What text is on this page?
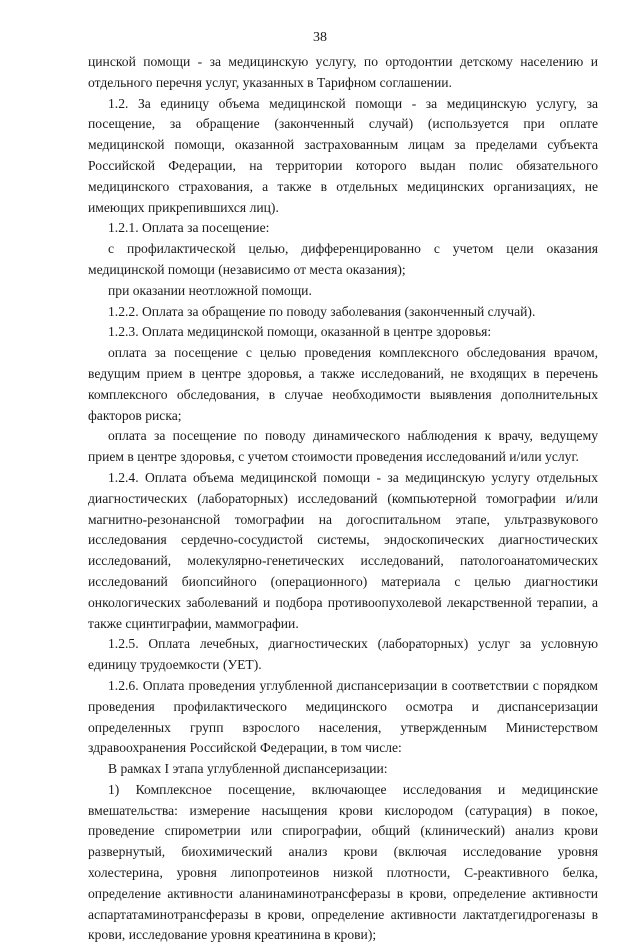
38

цинской помощи - за медицинскую услугу, по ортодонтии детскому населению и отдельного перечня услуг, указанных в Тарифном соглашении.

1.2. За единицу объема медицинской помощи - за медицинскую услугу, за посещение, за обращение (законченный случай) (используется при оплате медицинской помощи, оказанной застрахованным лицам за пределами субъекта Российской Федерации, на территории которого выдан полис обязательного медицинского страхования, а также в отдельных медицинских организациях, не имеющих прикрепившихся лиц).

1.2.1. Оплата за посещение:

с профилактической целью, дифференцированно с учетом цели оказания медицинской помощи (независимо от места оказания);

при оказании неотложной помощи.

1.2.2. Оплата за обращение по поводу заболевания (законченный случай).

1.2.3. Оплата медицинской помощи, оказанной в центре здоровья:

оплата за посещение с целью проведения комплексного обследования врачом, ведущим прием в центре здоровья, а также исследований, не входящих в перечень комплексного обследования, в случае необходимости выявления дополнительных факторов риска;

оплата за посещение по поводу динамического наблюдения к врачу, ведущему прием в центре здоровья, с учетом стоимости проведения исследований и/или услуг.

1.2.4. Оплата объема медицинской помощи - за медицинскую услугу отдельных диагностических (лабораторных) исследований (компьютерной томографии и/или магнитно-резонансной томографии на догоспитальном этапе, ультразвукового исследования сердечно-сосудистой системы, эндоскопических диагностических исследований, молекулярно-генетических исследований, патологоанатомических исследований биопсийного (операционного) материала с целью диагностики онкологических заболеваний и подбора противоопухолевой лекарственной терапии, а также сцинтиграфии, маммографии.

1.2.5. Оплата лечебных, диагностических (лабораторных) услуг за условную единицу трудоемкости (УЕТ).

1.2.6. Оплата проведения углубленной диспансеризации в соответствии с порядком проведения профилактического медицинского осмотра и диспансеризации определенных групп взрослого населения, утвержденным Министерством здравоохранения Российской Федерации, в том числе:

В рамках I этапа углубленной диспансеризации:

1) Комплексное посещение, включающее исследования и медицинские вмешательства: измерение насыщения крови кислородом (сатурация) в покое, проведение спирометрии или спирографии, общий (клинический) анализ крови развернутый, биохимический анализ крови (включая исследование уровня холестерина, уровня липопротеинов низкой плотности, С-реактивного белка, определение активности аланинаминотрансферазы в крови, определение активности аспартатаминотрансферазы в крови, определение активности лактатдегидрогеназы в крови, исследование уровня креатинина в крови);
